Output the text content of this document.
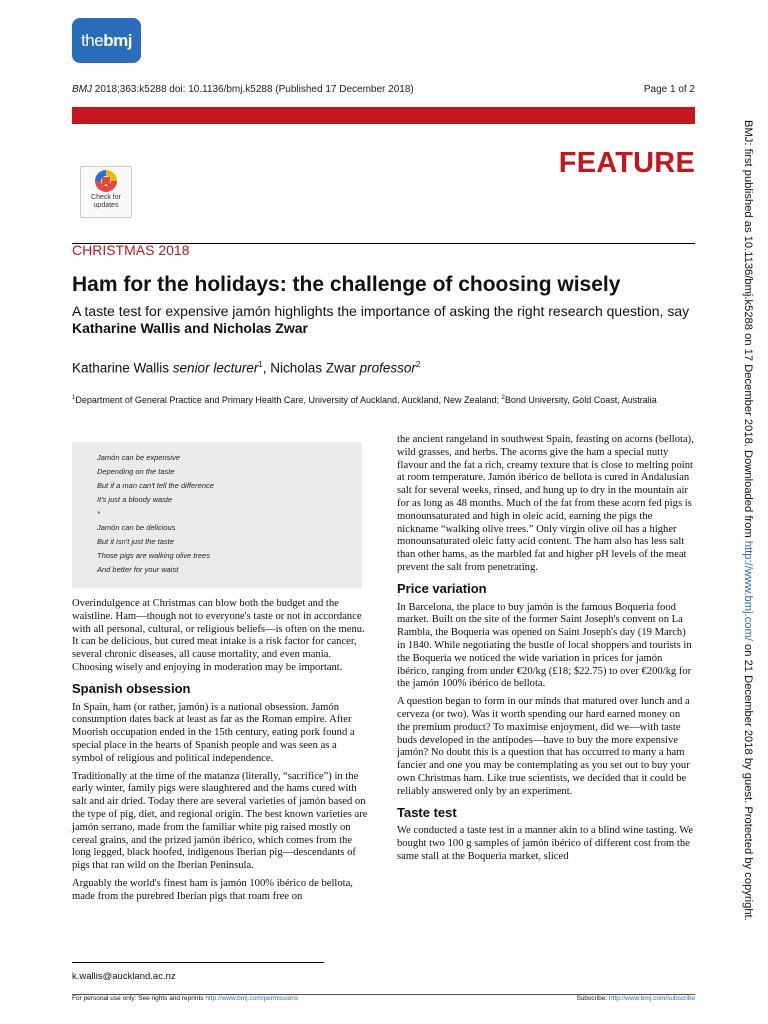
thebmj
BMJ 2018;363:k5288 doi: 10.1136/bmj.k5288 (Published 17 December 2018)	Page 1 of 2
FEATURE
Check for
updates
CHRISTMAS 2018
Ham for the holidays: the challenge of choosing wisely
A taste test for expensive jamón highlights the importance of asking the right research question, say Katharine Wallis and Nicholas Zwar
Katharine Wallis senior lecturer$^1$, Nicholas Zwar professor$^2$
$^1$Department of General Practice and Primary Health Care, University of Auckland, Auckland, New Zealand; $^2$Bond University, Gold Coast, Australia
Jamón can be expensive
Depending on the taste
But if a man can't tell the difference
It's just a bloody waste
*
Jamón can be delicious
But it isn't just the taste
Those pigs are walking olive trees
And better for your waist

Overindulgence at Christmas can blow both the budget and the waistline. Ham—though not to everyone's taste or not in accordance with all personal, cultural, or religious beliefs—is often on the menu. It can be delicious, but cured meat intake is a risk factor for cancer, several chronic diseases, all cause mortality, and even mania. Choosing wisely and enjoying in moderation may be important.

Spanish obsession

In Spain, ham (or rather, jamón) is a national obsession. Jamón consumption dates back at least as far as the Roman empire. After Moorish occupation ended in the 15th century, eating pork found a special place in the hearts of Spanish people and was seen as a symbol of religious and political independence.

Traditionally at the time of the matanza (literally, “sacrifice”) in the early winter, family pigs were slaughtered and the hams cured with salt and air dried. Today there are several varieties of jamón based on the type of pig, diet, and regional origin. The best known varieties are jamón serrano, made from the familiar white pig raised mostly on cereal grains, and the prized jamón ibérico, which comes from the long legged, black hoofed, indigenous Iberian pig—descendants of pigs that ran wild on the Iberian Peninsula.

Arguably the world's finest ham is jamón 100% ibérico de bellota, made from the purebred Iberian pigs that roam free on

the ancient rangeland in southwest Spain, feasting on acorns (bellota), wild grasses, and herbs. The acorns give the ham a special nutty flavour and the fat a rich, creamy texture that is close to melting point at room temperature. Jamón ibérico de bellota is cured in Andalusian salt for several weeks, rinsed, and hung up to dry in the mountain air for as long as 48 months. Much of the fat from these acorn fed pigs is monounsaturated and high in oleic acid, earning the pigs the nickname “walking olive trees.” Only virgin olive oil has a higher monounsaturated oleic fatty acid content. The ham also has less salt than other hams, as the marbled fat and higher pH levels of the meat prevent the salt from penetrating.

Price variation

In Barcelona, the place to buy jamón is the famous Boqueria food market. Built on the site of the former Saint Joseph's convent on La Rambla, the Boqueria was opened on Saint Joseph's day (19 March) in 1840. While negotiating the bustle of local shoppers and tourists in the Boqueria we noticed the wide variation in prices for jamón ibérico, ranging from under €20/kg (£18; $22.75) to over €200/kg for the jamón 100% ibérico de bellota.

A question began to form in our minds that matured over lunch and a cerveza (or two). Was it worth spending our hard earned money on the premium product? To maximise enjoyment, did we—with taste buds developed in the antipodes—have to buy the more expensive jamón? No doubt this is a question that has occurred to many a ham fancier and one you may be contemplating as you set out to buy your own Christmas ham. Like true scientists, we decided that it could be reliably answered only by an experiment.

Taste test

We conducted a taste test in a manner akin to a blind wine tasting. We bought two 100 g samples of jamón ibérico of different cost from the same stall at the Boqueria market, sliced

k.wallis@auckland.ac.nz
For personal use only: See rights and reprints http://www.bmj.com/permissions	Subscribe: http://www.bmj.com/subscribe
BMJ: first published as 10.1136/bmj.k5288 on 17 December 2018. Downloaded from http://www.bmj.com/ on 21 December 2018 by guest. Protected by copyright.
